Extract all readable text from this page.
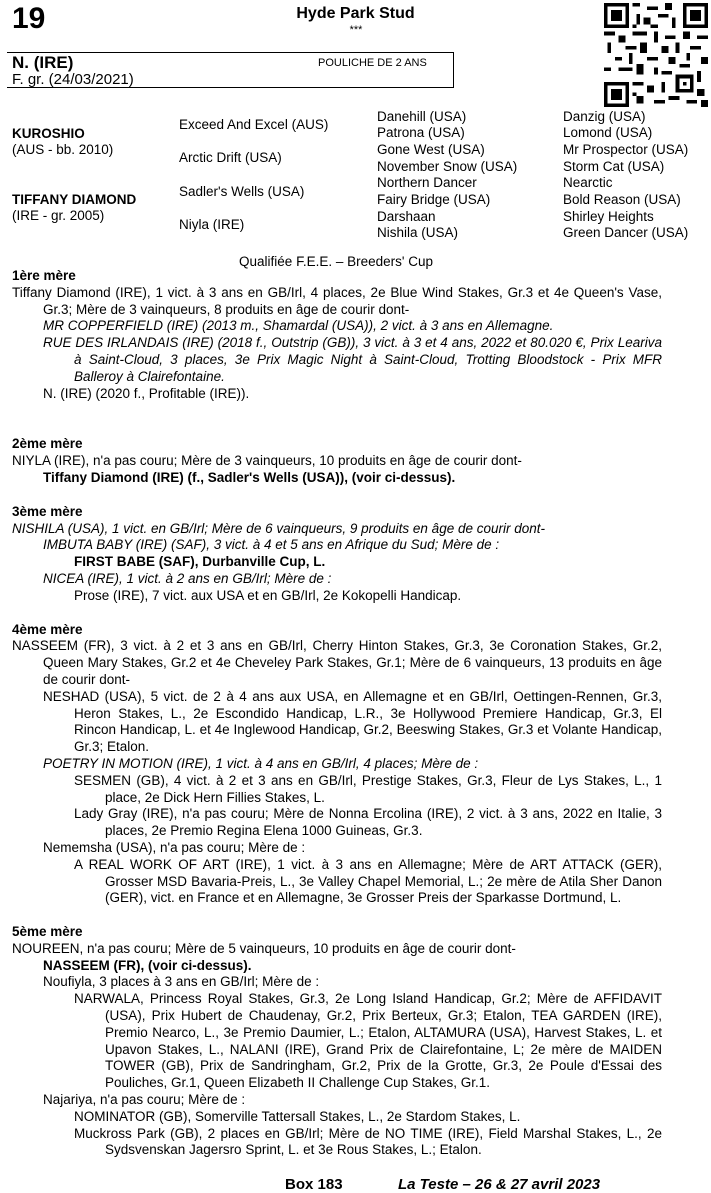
19	Hyde Park Stud
***
N. (IRE)
F. gr. (24/03/2021)
POULICHE DE 2 ANS
KUROSHIO
(AUS - bb. 2010)
TIFFANY DIAMOND
(IRE - gr. 2005)
Exceed And Excel (AUS)
Arctic Drift (USA)
Sadler's Wells (USA)
Niyla (IRE)
Danehill (USA)
Patrona (USA)
Gone West (USA)
November Snow (USA)
Northern Dancer
Fairy Bridge (USA)
Darshaan
Nishila (USA)
Danzig (USA)
Lomond (USA)
Mr Prospector (USA)
Storm Cat (USA)
Nearctic
Bold Reason (USA)
Shirley Heights
Green Dancer (USA)
Qualifiée F.E.E. – Breeders' Cup
1ère mère
Tiffany Diamond (IRE), 1 vict. à 3 ans en GB/Irl, 4 places, 2e Blue Wind Stakes, Gr.3 et 4e Queen's Vase, Gr.3; Mère de 3 vainqueurs, 8 produits en âge de courir dont-
MR COPPERFIELD (IRE) (2013 m., Shamardal (USA)), 2 vict. à 3 ans en Allemagne.
RUE DES IRLANDAIS (IRE) (2018 f., Outstrip (GB)), 3 vict. à 3 et 4 ans, 2022 et 80.020 €, Prix Leariva à Saint-Cloud, 3 places, 3e Prix Magic Night à Saint-Cloud, Trotting Bloodstock - Prix MFR Balleroy à Clairefontaine.
N. (IRE) (2020 f., Profitable (IRE)).
2ème mère
NIYLA (IRE), n'a pas couru; Mère de 3 vainqueurs, 10 produits en âge de courir dont-
Tiffany Diamond (IRE) (f., Sadler's Wells (USA)), (voir ci-dessus).
3ème mère
NISHILA (USA), 1 vict. en GB/Irl; Mère de 6 vainqueurs, 9 produits en âge de courir dont-
IMBUTA BABY (IRE) (SAF), 3 vict. à 4 et 5 ans en Afrique du Sud; Mère de :
FIRST BABE (SAF), Durbanville Cup, L.
NICEA (IRE), 1 vict. à 2 ans en GB/Irl; Mère de :
Prose (IRE), 7 vict. aux USA et en GB/Irl, 2e Kokopelli Handicap.
4ème mère
NASSEEM (FR), 3 vict. à 2 et 3 ans en GB/Irl, Cherry Hinton Stakes, Gr.3, 3e Coronation Stakes, Gr.2, Queen Mary Stakes, Gr.2 et 4e Cheveley Park Stakes, Gr.1; Mère de 6 vainqueurs, 13 produits en âge de courir dont-
NESHAD (USA), 5 vict. de 2 à 4 ans aux USA, en Allemagne et en GB/Irl, Oettingen-Rennen, Gr.3, Heron Stakes, L., 2e Escondido Handicap, L.R., 3e Hollywood Premiere Handicap, Gr.3, El Rincon Handicap, L. et 4e Inglewood Handicap, Gr.2, Beeswing Stakes, Gr.3 et Volante Handicap, Gr.3; Etalon.
POETRY IN MOTION (IRE), 1 vict. à 4 ans en GB/Irl, 4 places; Mère de :
SESMEN (GB), 4 vict. à 2 et 3 ans en GB/Irl, Prestige Stakes, Gr.3, Fleur de Lys Stakes, L., 1 place, 2e Dick Hern Fillies Stakes, L.
Lady Gray (IRE), n'a pas couru; Mère de Nonna Ercolina (IRE), 2 vict. à 3 ans, 2022 en Italie, 3 places, 2e Premio Regina Elena 1000 Guineas, Gr.3.
Nememsha (USA), n'a pas couru; Mère de :
A REAL WORK OF ART (IRE), 1 vict. à 3 ans en Allemagne; Mère de ART ATTACK (GER), Grosser MSD Bavaria-Preis, L., 3e Valley Chapel Memorial, L.; 2e mère de Atila Sher Danon (GER), vict. en France et en Allemagne, 3e Grosser Preis der Sparkasse Dortmund, L.
5ème mère
NOUREEN, n'a pas couru; Mère de 5 vainqueurs, 10 produits en âge de courir dont-
NASSEEM (FR), (voir ci-dessus).
Noufiyla, 3 places à 3 ans en GB/Irl; Mère de :
NARWALA, Princess Royal Stakes, Gr.3, 2e Long Island Handicap, Gr.2; Mère de AFFIDAVIT (USA), Prix Hubert de Chaudenay, Gr.2, Prix Berteux, Gr.3; Etalon, TEA GARDEN (IRE), Premio Nearco, L., 3e Premio Daumier, L.; Etalon, ALTAMURA (USA), Harvest Stakes, L. et Upavon Stakes, L., NALANI (IRE), Grand Prix de Clairefontaine, L; 2e mère de MAIDEN TOWER (GB), Prix de Sandringham, Gr.2, Prix de la Grotte, Gr.3, 2e Poule d'Essai des Pouliches, Gr.1, Queen Elizabeth II Challenge Cup Stakes, Gr.1.
Najariya, n'a pas couru; Mère de :
NOMINATOR (GB), Somerville Tattersall Stakes, L., 2e Stardom Stakes, L.
Muckross Park (GB), 2 places en GB/Irl; Mère de NO TIME (IRE), Field Marshal Stakes, L., 2e Sydsvenskan Jagersro Sprint, L. et 3e Rous Stakes, L.; Etalon.
Box 183	La Teste – 26 & 27 avril 2023
